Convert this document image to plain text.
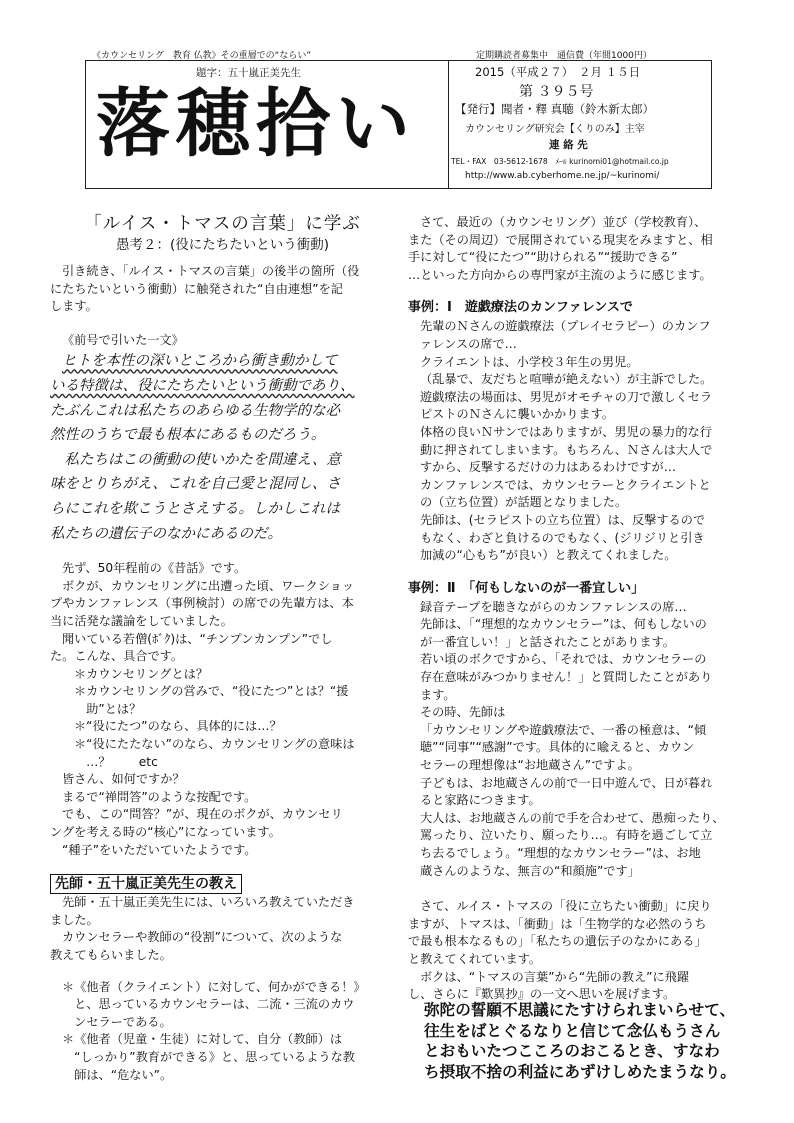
《カウンセリング　教育 仏教》その重層での“ならい”	定期購読者募集中　通信費（年間1000円）
題字：五十嵐正美先生
落穂拾い
2015（平成２７）　２月 １５日
第 ３９５号
【発行】聞者・釋 真聴（鈴木新太郎）
カウンセリング研究会【くりのみ】主宰
連 絡 先
TEL・FAX　03-5612-1678　ﾒｰﾙ kurinomi01@hotmail.co.jp
http://www.ab.cyberhome.ne.jp/~kurinomi/
「ルイス・トマスの言葉」に学ぶ
愚考２：(役にたちたいという衝動)
引き続き、「ルイス・トマスの言葉」の後半の箇所（役
にたちたいという衝動）に触発された“自由連想”を記
します。
《前号で引いた一文》
ヒトを本性の深いところから衝き動かして
いる特徴は、役にたちたいという衝動であり、
たぶんこれは私たちのあらゆる生物学的な必
然性のうちで最も根本にあるものだろう。
　私たちはこの衝動の使いかたを間違え、意
味をとりちがえ、これを自己愛と混同し、さ
らにこれを欺こうとさえする。しかしこれは
私たちの遺伝子のなかにあるのだ。
先ず、50年程前の《昔話》です。
ボクが、カウンセリングに出遭った頃、ワークショッ
プやカンファレンス（事例検討）の席での先輩方は、本
当に活発な議論をしていました。
聞いている若僧(ﾎﾞｸ)は、“チンプンカンプン”でし
た。こんな、具合です。
＊カウンセリングとは？
＊カウンセリングの営みで、“役にたつ”とは？“援
　助”とは？
＊“役にたつ”のなら、具体的には…？
＊“役にたたない”のなら、カウンセリングの意味は
　…？　　 etc
皆さん、如何ですか？
まるで“禅問答”のような按配です。
でも、この“問答？”が、現在のボクが、カウンセリ
ングを考える時の“核心”になっています。
“種子”をいただいていたようです。
先師・五十嵐正美先生の教え
先師・五十嵐正美先生には、いろいろ教えていただき
ました。
カウンセラーや教師の“役割”について、次のような
教えてもらいました。
＊《他者（クライエント）に対して、何かができる！》
　と、思っているカウンセラーは、二流・三流のカウ
　ンセラーである。
＊《他者（児童・生徒）に対して、自分（教師）は
　“しっかり”教育ができる》と、思っているような教
　師は、“危ない”。
さて、最近の（カウンセリング）並び（学校教育）、
また（その周辺）で展開されている現実をみますと、相
手に対して“役にたつ”“助けられる”“援助できる”
…といった方向からの専門家が主流のように感じます。
事例：Ⅰ　遊戯療法のカンファレンスで
先輩のＮさんの遊戯療法（プレイセラピー）のカンフ
ァレンスの席で…
クライエントは、小学校３年生の男児。
（乱暴で、友だちと喧嘩が絶えない）が主訴でした。
遊戯療法の場面は、男児がオモチャの刀で激しくセラ
ピストのＮさんに襲いかかります。
体格の良いＮサンではありますが、男児の暴力的な行
動に押されてしまいます。もちろん、Ｎさんは大人で
すから、反撃するだけの力はあるわけですが…
カンファレンスでは、カウンセラーとクライエントと
の（立ち位置）が話題となりました。
先師は、(セラピストの立ち位置）は、反撃するので
もなく、わざと負けるのでもなく、(ジリジリと引き
加減の“心もち”が良い）と教えてくれました。
事例：Ⅱ　「何もしないのが一番宜しい」
録音テープを聴きながらのカンファレンスの席…
先師は、「“理想的なカウンセラー”は、何もしないの
が一番宜しい！」と話されたことがあります。
若い頃のボクですから、「それでは、カウンセラーの
存在意味がみつかりません！」と質問したことがあり
ます。
その時、先師は
「カウンセリングや遊戯療法で、一番の極意は、“傾
聴”“同事”“感謝”です。具体的に喩えると、カウン
セラーの理想像は“お地蔵さん”ですよ。
子どもは、お地蔵さんの前で一日中遊んで、日が暮れ
ると家路につきます。
大人は、お地蔵さんの前で手を合わせて、愚痴ったり、
罵ったり、泣いたり、願ったり…。有時を過ごして立
ち去るでしょう。“理想的なカウンセラー”は、お地
蔵さんのような、無言の“和顔施”です」
さて、ルイス・トマスの「役に立ちたい衝動」に戻り
ますが、トマスは、｢衝動」は「生物学的な必然のうち
で最も根本なるもの」｢私たちの遺伝子のなかにある」
と教えてくれています。
ボクは、“トマスの言葉”から“先師の教え”に飛躍
し、さらに『歎異抄』の一文へ思いを展げます。
弥陀の誓願不思議にたすけられまいらせて、
往生をばとぐるなりと信じて念仏もうさん
とおもいたつこころのおこるとき、すなわ
ち摂取不捨の利益にあずけしめたまうなり。
